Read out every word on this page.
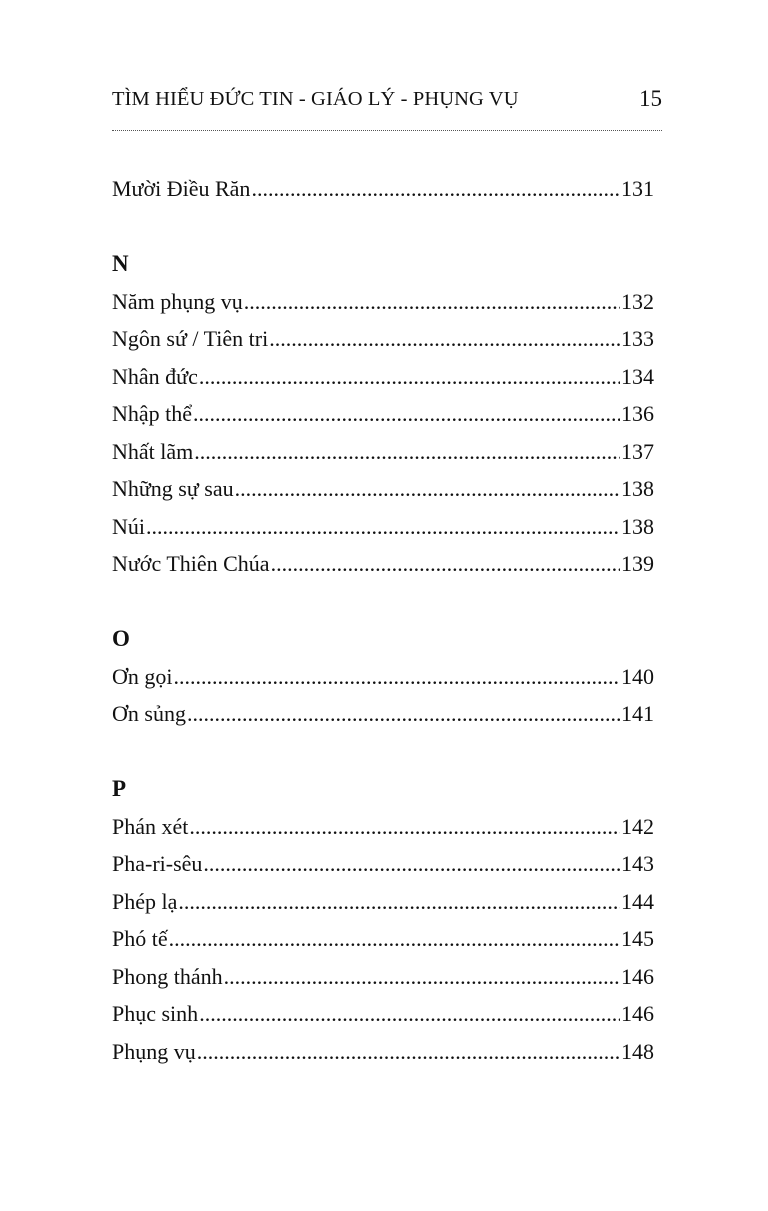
TÌM HIỂU ĐỨC TIN - GIÁO LÝ - PHỤNG VỤ	15
Mười Điều Răn .....	131
N
Năm phụng vụ .....	132
Ngôn sứ / Tiên tri .....	133
Nhân đức .....	134
Nhập thể .....	136
Nhất lãm .....	137
Những sự sau .....	138
Núi .....	138
Nước Thiên Chúa .....	139
O
Ơn gọi .....	140
Ơn sủng .....	141
P
Phán xét .....	142
Pha-ri-sêu .....	143
Phép lạ .....	144
Phó tế .....	145
Phong thánh .....	146
Phục sinh .....	146
Phụng vụ .....	148
